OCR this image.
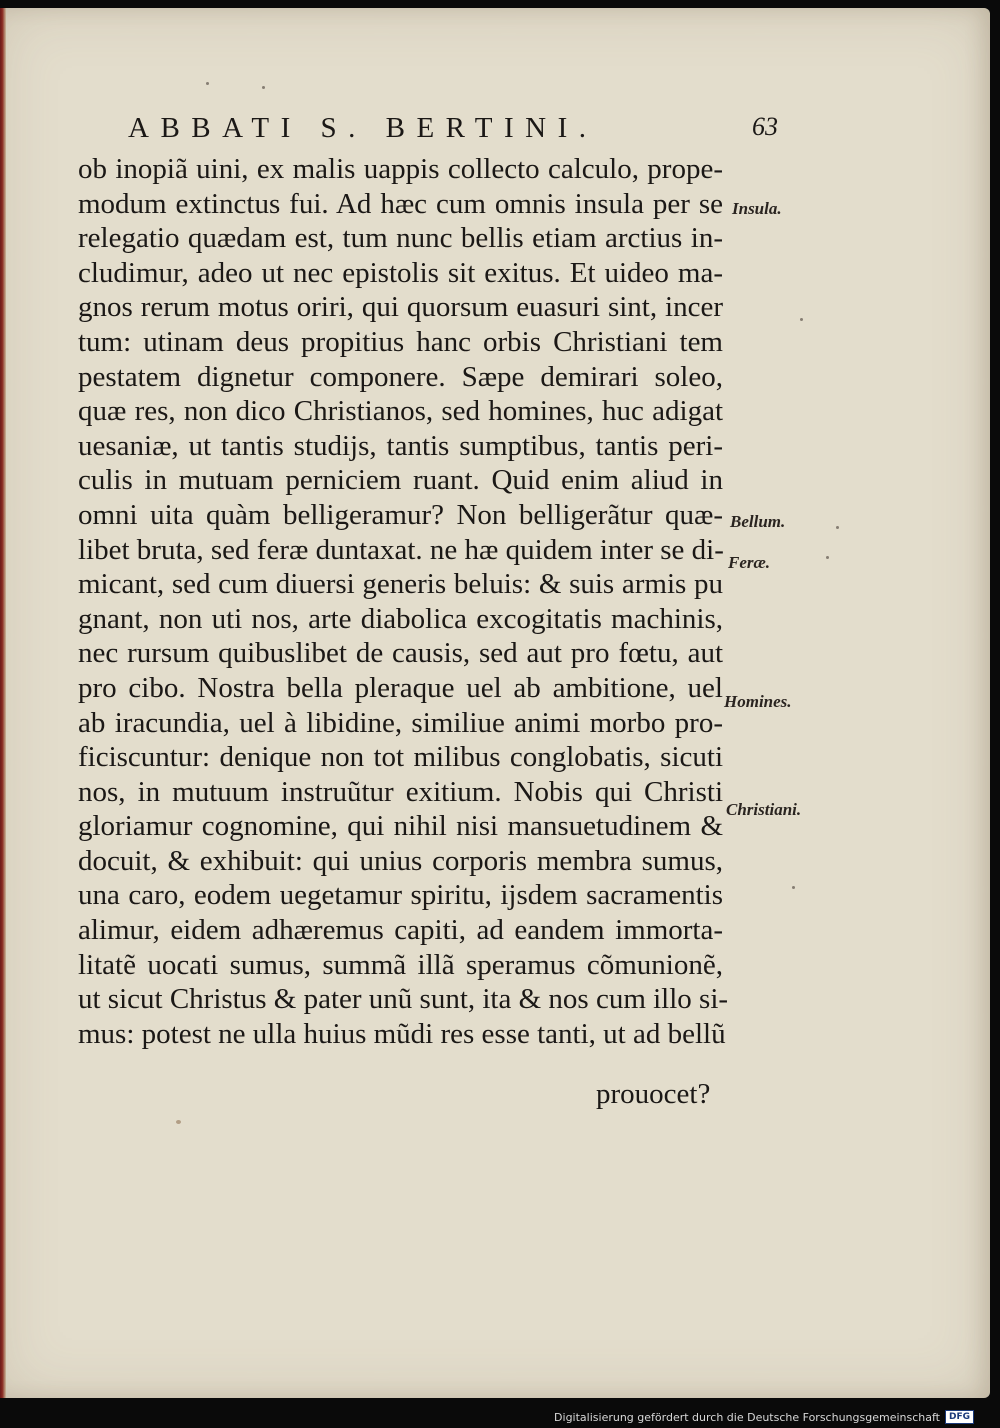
ABBATI S. BERTINI.	63
ob inopiã uini, ex malis uappis collecto calculo, prope-
modum extinctus fui. Ad hæc cum omnis insula per se
relegatio quædam est, tum nunc bellis etiam arctius in-
cludimur, adeo ut nec epistolis sit exitus. Et uideo ma-
gnos rerum motus oriri, qui quorsum euasuri sint, incer
tum: utinam deus propitius hanc orbis Christiani tem
pestatem dignetur componere. Sæpe demirari soleo,
quæ res, non dico Christianos, sed homines, huc adigat
uesaniæ, ut tantis studijs, tantis sumptibus, tantis peri-
culis in mutuam perniciem ruant. Quid enim aliud in
omni uita quàm belligeramur? Non belligerãtur quæ-
libet bruta, sed feræ duntaxat. ne hæ quidem inter se di-
micant, sed cum diuersi generis beluis: & suis armis pu
gnant, non uti nos, arte diabolica excogitatis machinis,
nec rursum quibuslibet de causis, sed aut pro fœtu, aut
pro cibo. Nostra bella pleraque uel ab ambitione, uel
ab iracundia, uel à libidine, similiue animi morbo pro-
ficiscuntur: denique non tot milibus conglobatis, sicuti
nos, in mutuum instruũtur exitium. Nobis qui Christi
gloriamur cognomine, qui nihil nisi mansuetudinem &
docuit, & exhibuit: qui unius corporis membra sumus,
una caro, eodem uegetamur spiritu, ijsdem sacramentis
alimur, eidem adhæremus capiti, ad eandem immorta-
litatẽ uocati sumus, summã illã speramus cõmunionẽ,
ut sicut Christus & pater unũ sunt, ita & nos cum illo si-
mus: potest ne ulla huius mũdi res esse tanti, ut ad bellũ
prouocet?
Insula.
Bellum.
Feræ.
Homines.
Christiani.
Digitalisierung gefördert durch die Deutsche Forschungsgemeinschaft	DFG
